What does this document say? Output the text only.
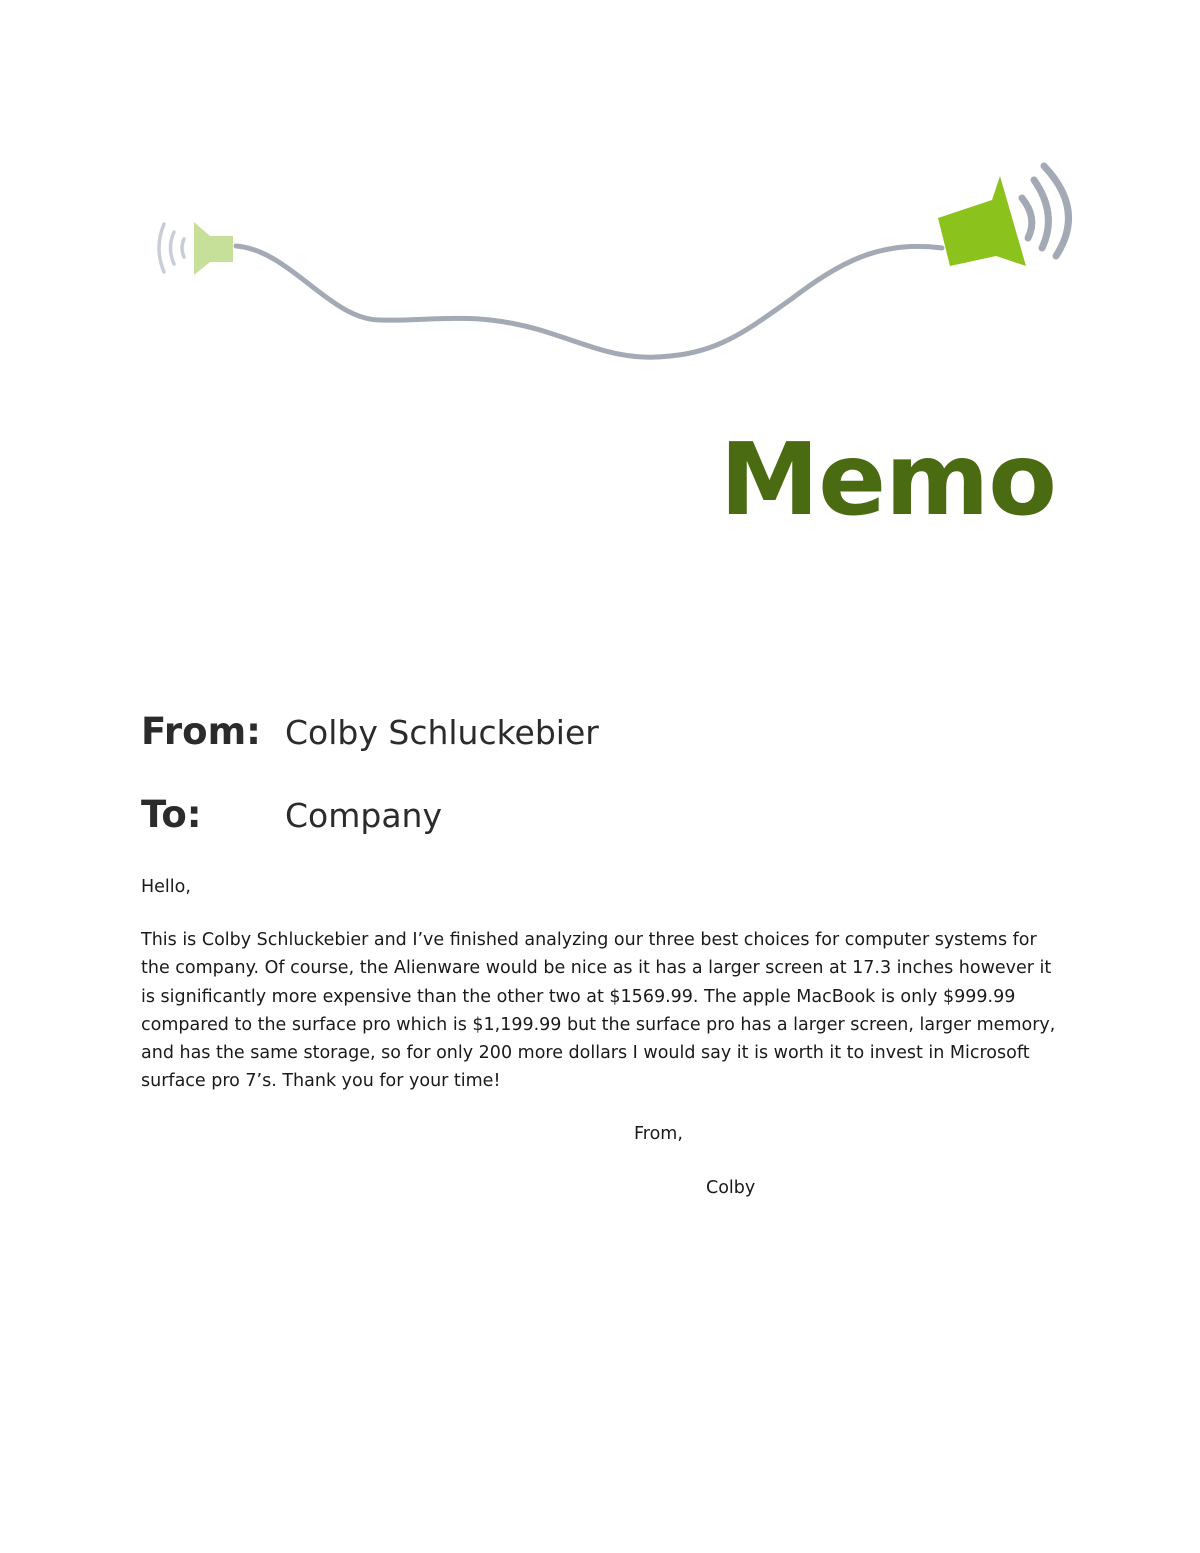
Memo
From: Colby Schluckebier
To:	Company

Hello,

This is Colby Schluckebier and I’ve finished analyzing our three best choices for computer systems for the company. Of course, the Alienware would be nice as it has a larger screen at 17.3 inches however it is significantly more expensive than the other two at $1569.99. The apple MacBook is only $999.99 compared to the surface pro which is $1,199.99 but the surface pro has a larger screen, larger memory, and has the same storage, so for only 200 more dollars I would say it is worth it to invest in Microsoft surface pro 7’s. Thank you for your time!

From,

Colby
